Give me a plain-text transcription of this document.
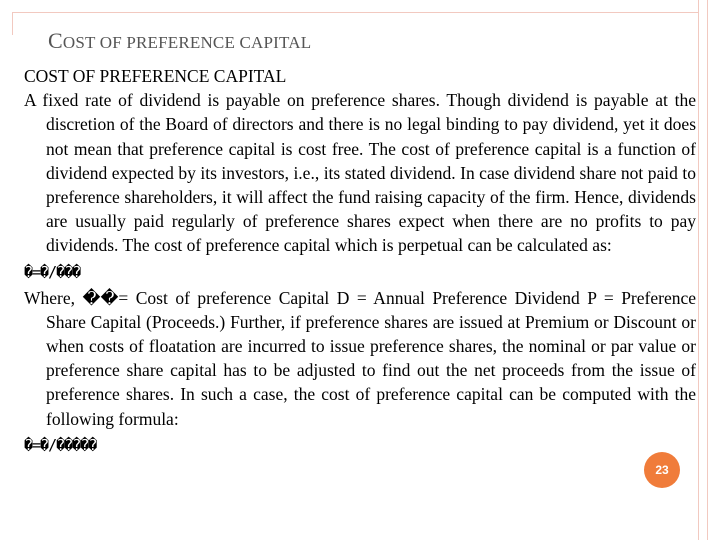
COST OF PREFERENCE CAPITAL

COST OF PREFERENCE CAPITAL

A fixed rate of dividend is payable on preference shares. Though dividend is payable at the discretion of the Board of directors and there is no legal binding to pay dividend, yet it does not mean that preference capital is cost free. The cost of preference capital is a function of dividend expected by its investors, i.e., its stated dividend. In case dividend share not paid to preference shareholders, it will affect the fund raising capacity of the firm. Hence, dividends are usually paid regularly of preference shares expect when there are no profits to pay dividends. The cost of preference capital which is perpetual can be calculated as:

�=�/���

Where, ��= Cost of preference Capital D = Annual Preference Dividend P = Preference Share Capital (Proceeds.) Further, if preference shares are issued at Premium or Discount or when costs of floatation are incurred to issue preference shares, the nominal or par value or preference share capital has to be adjusted to find out the net proceeds from the issue of preference shares. In such a case, the cost of preference capital can be computed with the following formula:

�=�/�����
23
